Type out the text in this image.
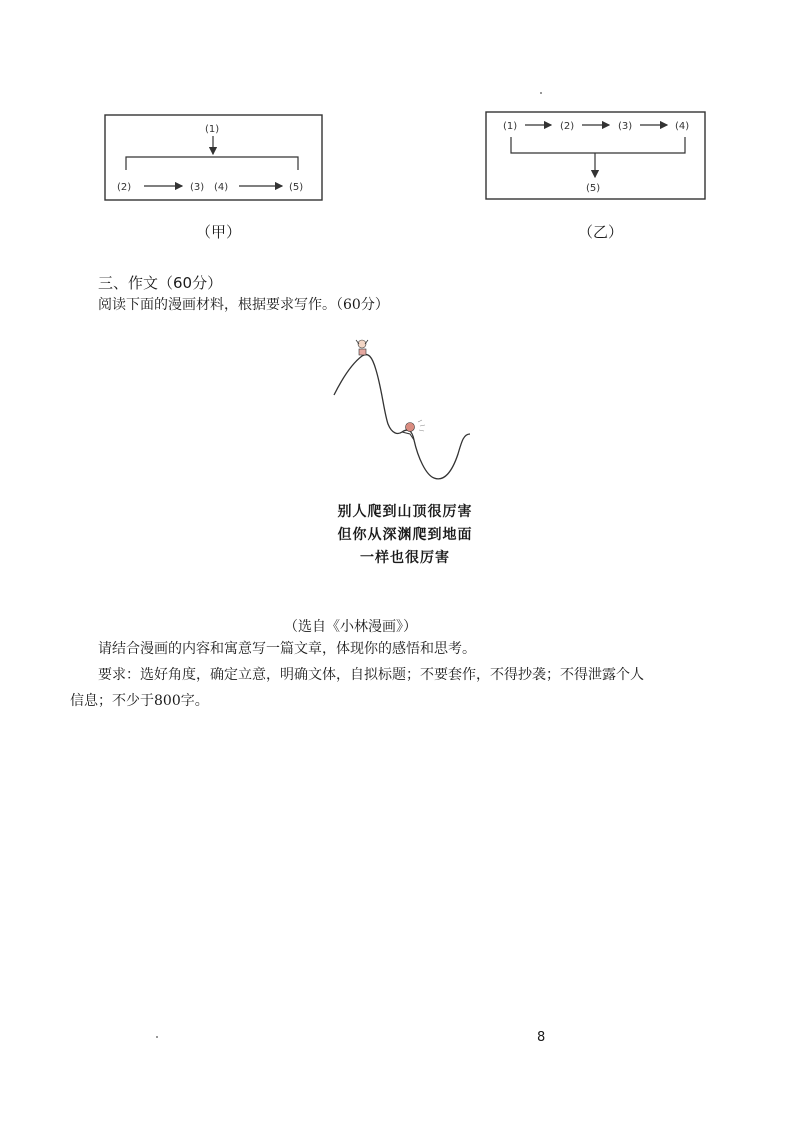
(1)
(2)	(3) (4)	(5)
（甲）
(1)	(2)	(3)	(4)
(5)
（乙）
三、作文（60分）
阅读下面的漫画材料，根据要求写作。（60分）
别人爬到山顶很厉害
但你从深渊爬到地面
一样也很厉害
（选自《小林漫画》）
请结合漫画的内容和寓意写一篇文章，体现你的感悟和思考。
要求：选好角度，确定立意，明确文体，自拟标题；不要套作，不得抄袭；不得泄露个人
信息；不少于800字。
8
